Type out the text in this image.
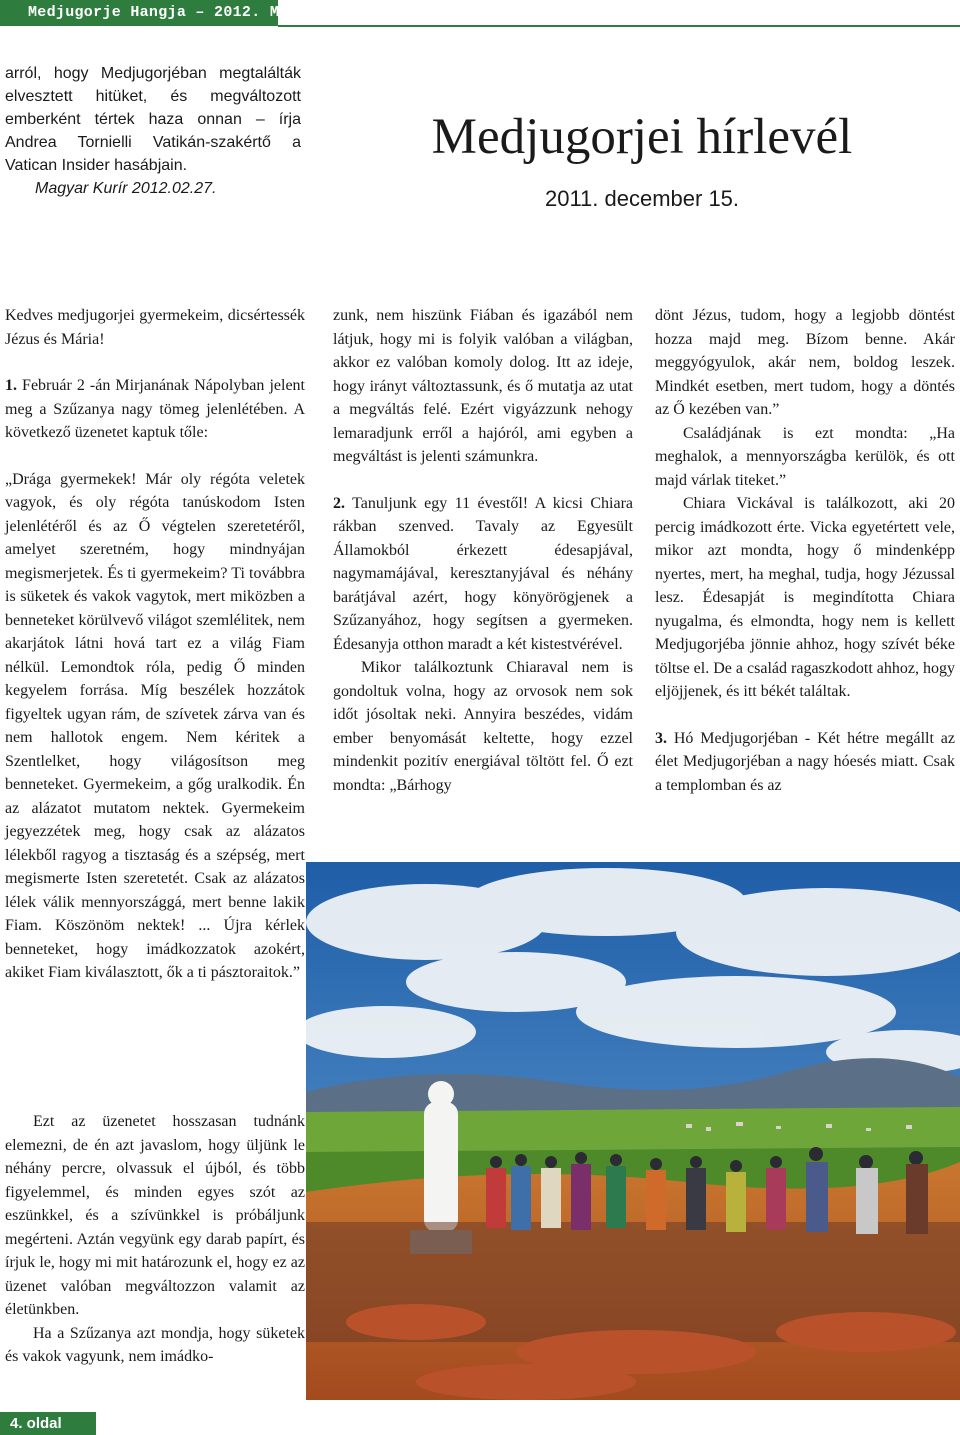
Medjugorje Hangja – 2012. Március

arról, hogy Medjugorjéban megtalálták elvesztett hitüket, és megváltozott emberként tértek haza onnan – írja Andrea Tornielli Vatikán-szakértő a Vatican Insider hasábjain.

Magyar Kurír 2012.02.27.
Medjugorjei hírlevél
2011. december 15.

Kedves medjugorjei gyermekeim, dicsértessék Jézus és Mária!

1. Február 2 -án Mirjanának Nápolyban jelent meg a Szűzanya nagy tömeg jelenlétében. A következő üzenetet kaptuk tőle:

„Drága gyermekek! Már oly régóta veletek vagyok, és oly régóta tanúskodom Isten jelenlétéről és az Ő végtelen szeretetéről, amelyet szeretném, hogy mindnyájan megismerjetek. És ti gyermekeim? Ti továbbra is süketek és vakok vagytok, mert miközben a benneteket körülvevő világot szemlélitek, nem akarjátok látni hová tart ez a világ Fiam nélkül. Lemondtok róla, pedig Ő minden kegyelem forrása. Míg beszélek hozzátok figyeltek ugyan rám, de szívetek zárva van és nem hallotok engem. Nem kéritek a Szentlelket, hogy világosítson meg benneteket. Gyermekeim, a gőg uralkodik. Én az alázatot mutatom nektek. Gyermekeim jegyezzétek meg, hogy csak az alázatos lélekből ragyog a tisztaság és a szépség, mert megismerte Isten szeretetét. Csak az alázatos lélek válik mennyországgá, mert benne lakik Fiam. Köszönöm nektek! ... Újra kérlek benneteket, hogy imádkozzatok azokért, akiket Fiam kiválasztott, ők a ti pásztoraitok.”

Ezt az üzenetet hosszasan tudnánk elemezni, de én azt javaslom, hogy üljünk le néhány percre, olvassuk el újból, és több figyelemmel, és minden egyes szót az eszünkkel, és a szívünkkel is próbáljunk megérteni. Aztán vegyünk egy darab papírt, és írjuk le, hogy mi mit határozunk el, hogy ez az üzenet valóban megváltozzon valamit az életünkben.

Ha a Szűzanya azt mondja, hogy süketek és vakok vagyunk, nem imádko-

zunk, nem hiszünk Fiában és igazából nem látjuk, hogy mi is folyik valóban a világban, akkor ez valóban komoly dolog. Itt az ideje, hogy irányt változtassunk, és ő mutatja az utat a megváltás felé. Ezért vigyázzunk nehogy lemaradjunk erről a hajóról, ami egyben a megváltást is jelenti számunkra.

2. Tanuljunk egy 11 évestől! A kicsi Chiara rákban szenved. Tavaly az Egyesült Államokból érkezett édesapjával, nagymamájával, keresztanyjával és néhány barátjával azért, hogy könyörögjenek a Szűzanyához, hogy segítsen a gyermeken. Édesanyja otthon maradt a két kistestvérével.

Mikor találkoztunk Chiaraval nem is gondoltuk volna, hogy az orvosok nem sok időt jósoltak neki. Annyira beszédes, vidám ember benyomását keltette, hogy ezzel mindenkit pozitív energiával töltött fel. Ő ezt mondta: „Bárhogy

dönt Jézus, tudom, hogy a legjobb döntést hozza majd meg. Bízom benne. Akár meggyógyulok, akár nem, boldog leszek. Mindkét esetben, mert tudom, hogy a döntés az Ő kezében van.”

Családjának is ezt mondta: „Ha meghalok, a mennyországba kerülök, és ott majd várlak titeket.”

Chiara Vickával is találkozott, aki 20 percig imádkozott érte. Vicka egyetértett vele, mikor azt mondta, hogy ő mindenképp nyertes, mert, ha meghal, tudja, hogy Jézussal lesz. Édesapját is megindította Chiara nyugalma, és elmondta, hogy nem is kellett Medjugorjéba jönnie ahhoz, hogy szívét béke töltse el. De a család ragaszkodott ahhoz, hogy eljöjjenek, és itt békét találtak.

3. Hó Medjugorjéban - Két hétre megállt az élet Medjugorjéban a nagy hóesés miatt. Csak a templomban és az

4. oldal
